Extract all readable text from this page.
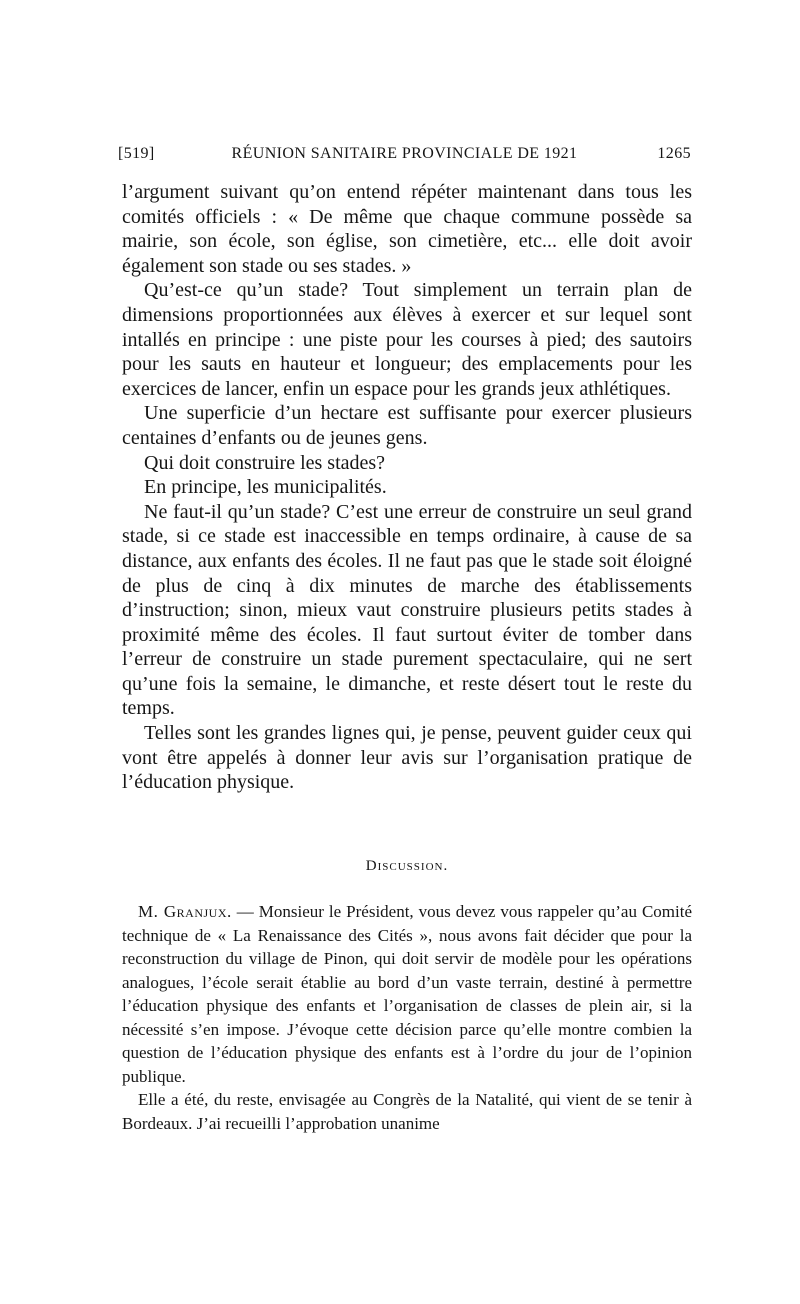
[519]	RÉUNION SANITAIRE PROVINCIALE DE 1921	1265

l’argument suivant qu’on entend répéter maintenant dans tous les comités officiels : « De même que chaque commune possède sa mairie, son école, son église, son cimetière, etc... elle doit avoir également son stade ou ses stades. »

Qu’est-ce qu’un stade? Tout simplement un terrain plan de dimensions proportionnées aux élèves à exercer et sur lequel sont intallés en principe : une piste pour les courses à pied; des sautoirs pour les sauts en hauteur et longueur; des emplacements pour les exercices de lancer, enfin un espace pour les grands jeux athlétiques.

Une superficie d’un hectare est suffisante pour exercer plusieurs centaines d’enfants ou de jeunes gens.

Qui doit construire les stades?

En principe, les municipalités.

Ne faut-il qu’un stade? C’est une erreur de construire un seul grand stade, si ce stade est inaccessible en temps ordinaire, à cause de sa distance, aux enfants des écoles. Il ne faut pas que le stade soit éloigné de plus de cinq à dix minutes de marche des établissements d’instruction; sinon, mieux vaut construire plusieurs petits stades à proximité même des écoles. Il faut surtout éviter de tomber dans l’erreur de construire un stade purement spectaculaire, qui ne sert qu’une fois la semaine, le dimanche, et reste désert tout le reste du temps.

Telles sont les grandes lignes qui, je pense, peuvent guider ceux qui vont être appelés à donner leur avis sur l’organisation pratique de l’éducation physique.

Discussion.

M. Granjux. — Monsieur le Président, vous devez vous rappeler qu’au Comité technique de « La Renaissance des Cités », nous avons fait décider que pour la reconstruction du village de Pinon, qui doit servir de modèle pour les opérations analogues, l’école serait établie au bord d’un vaste terrain, destiné à permettre l’éducation physique des enfants et l’organisation de classes de plein air, si la nécessité s’en impose. J’évoque cette décision parce qu’elle montre combien la question de l’éducation physique des enfants est à l’ordre du jour de l’opinion publique.

Elle a été, du reste, envisagée au Congrès de la Natalité, qui vient de se tenir à Bordeaux. J’ai recueilli l’approbation unanime
